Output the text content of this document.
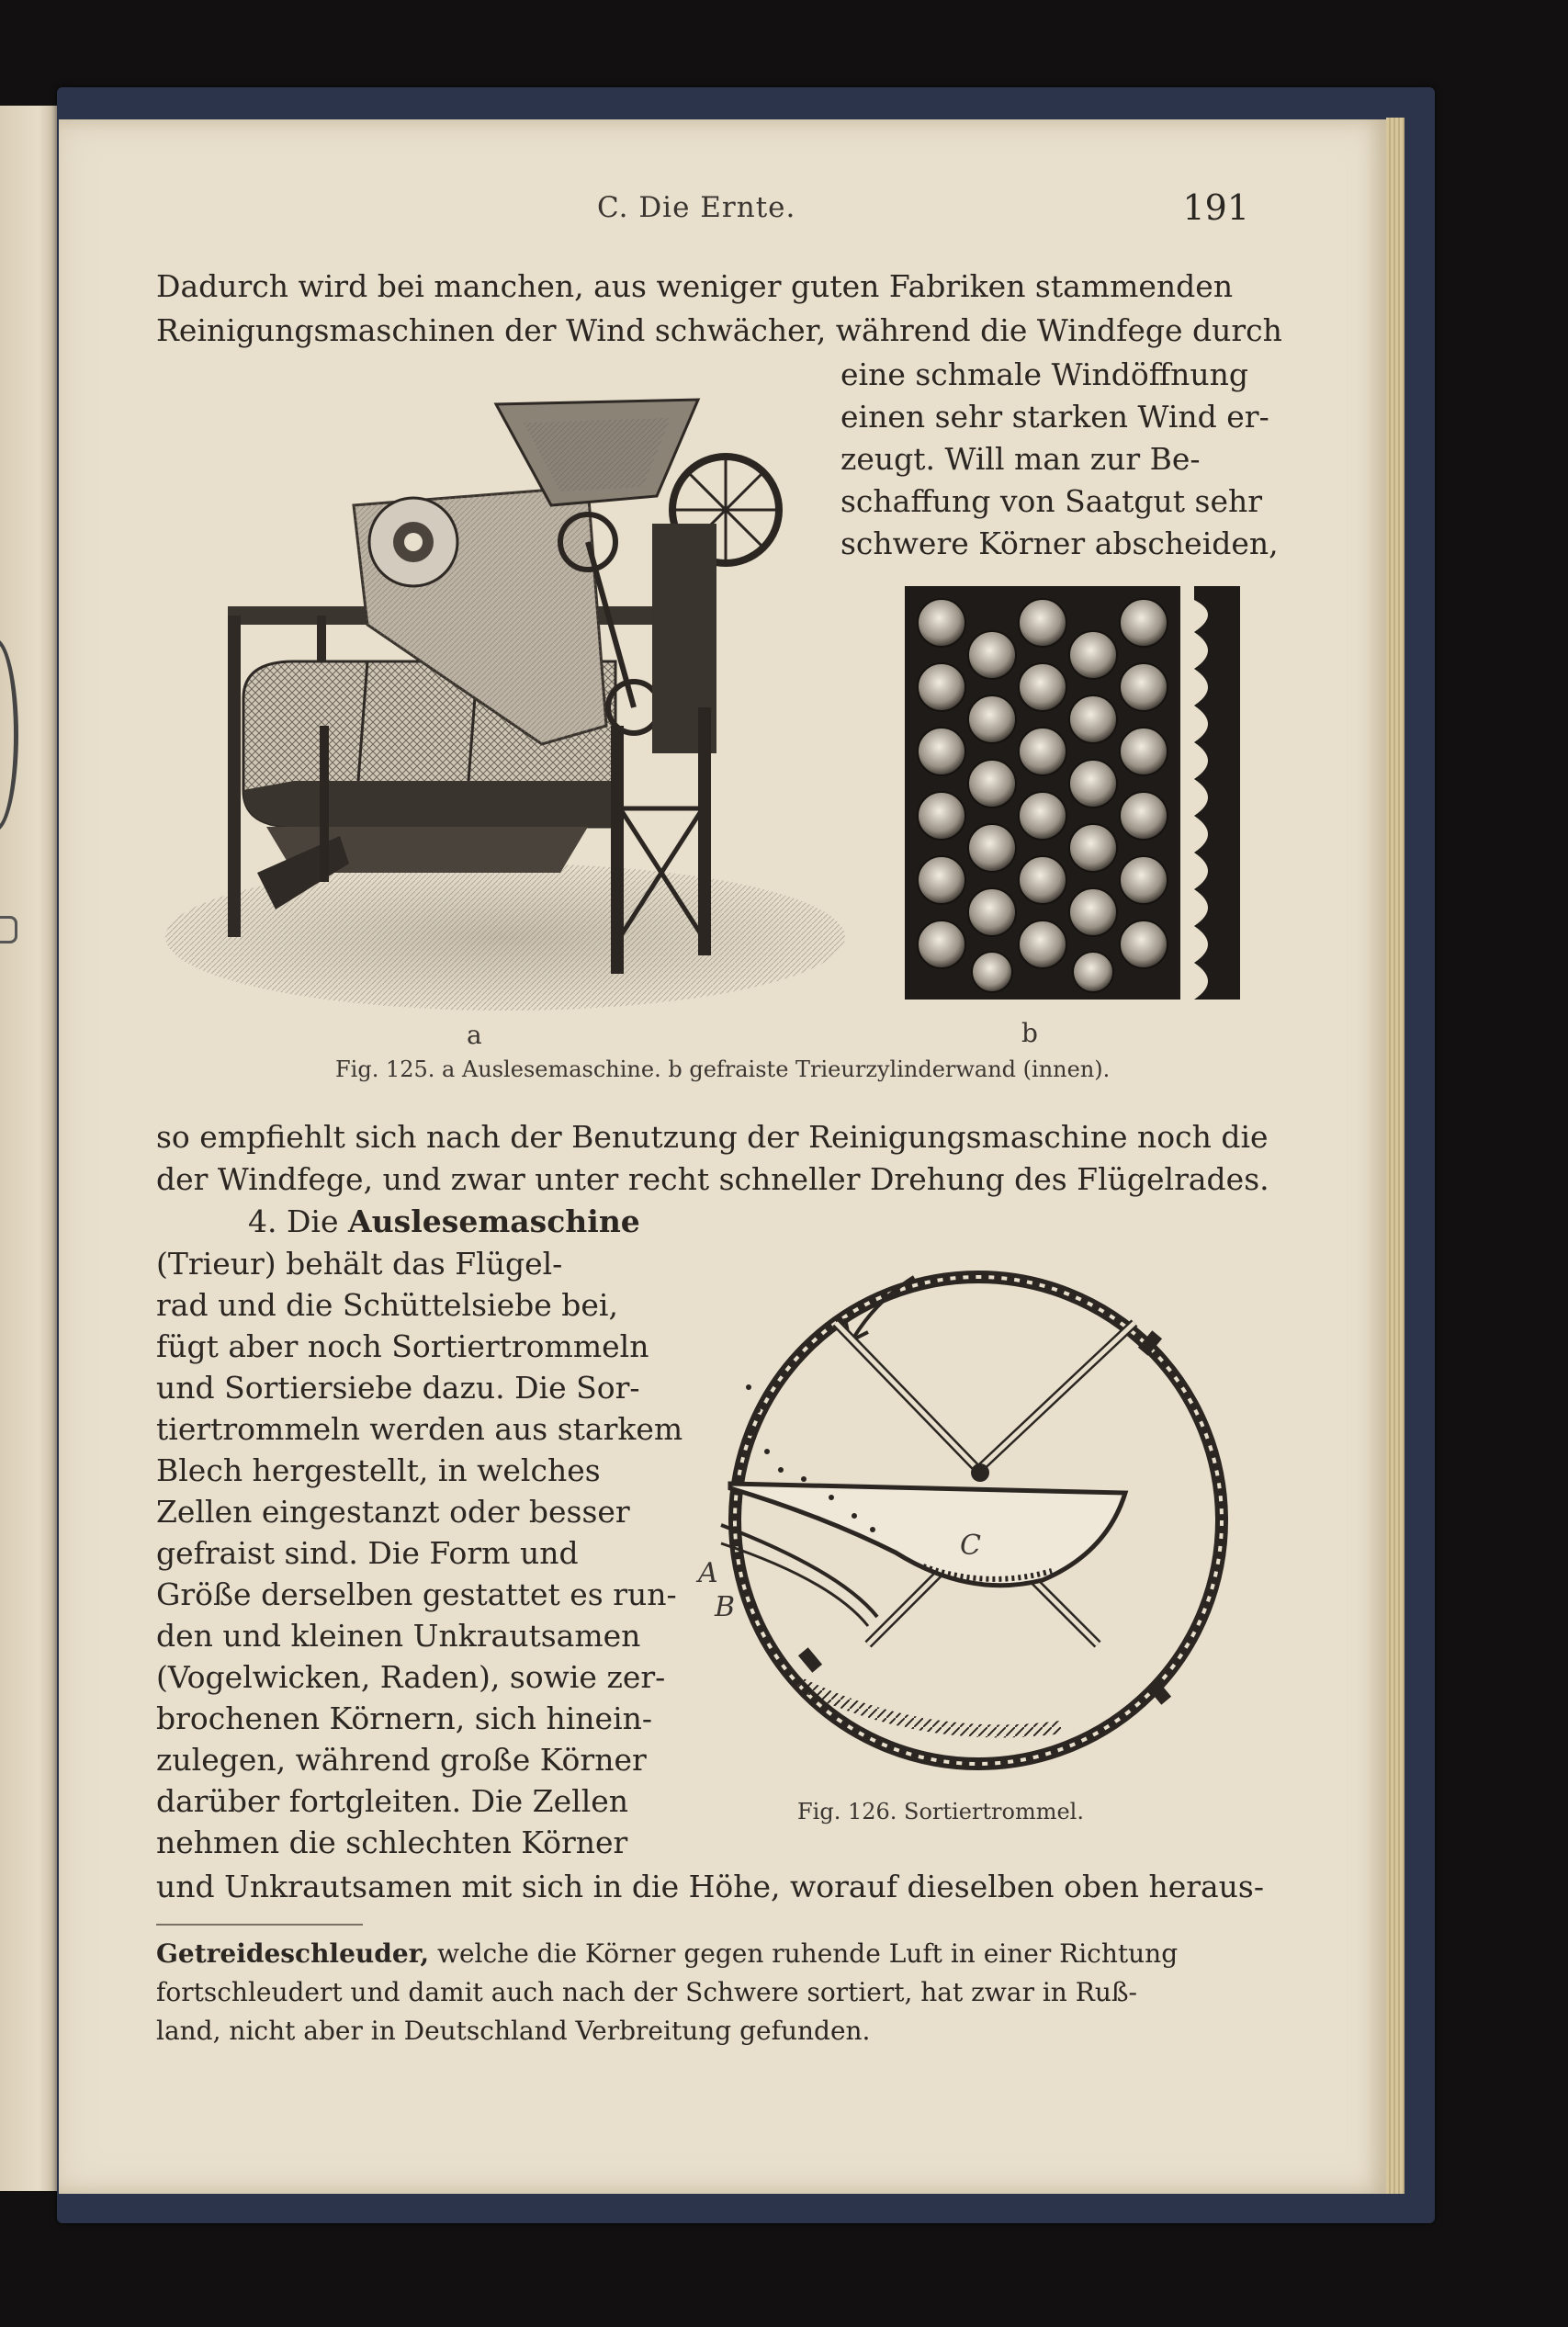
C. Die Ernte.	191
Dadurch wird bei manchen, aus weniger guten Fabriken stammenden
Reinigungsmaschinen der Wind schwächer, während die Windfege durch
eine schmale Windöffnung
einen sehr starken Wind er-
zeugt. Will man zur Be-
schaffung von Saatgut sehr
schwere Körner abscheiden,
a	b
Fig. 125. a Auslesemaschine. b gefraiste Trieurzylinderwand (innen).
so empfiehlt sich nach der Benutzung der Reinigungsmaschine noch die
der Windfege, und zwar unter recht schneller Drehung des Flügelrades.
4. Die Auslesemaschine
(Trieur) behält das Flügel-
rad und die Schüttelsiebe bei,
fügt aber noch Sortiertrommeln
und Sortiersiebe dazu. Die Sor-
tiertrommeln werden aus starkem
Blech hergestellt, in welches
Zellen eingestanzt oder besser
gefraist sind. Die Form und
Größe derselben gestattet es run-
den und kleinen Unkrautsamen
(Vogelwicken, Raden), sowie zer-
brochenen Körnern, sich hinein-
zulegen, während große Körner
darüber fortgleiten. Die Zellen
nehmen die schlechten Körner
A
B
C
Fig. 126. Sortiertrommel.
und Unkrautsamen mit sich in die Höhe, worauf dieselben oben heraus-
Getreideschleuder, welche die Körner gegen ruhende Luft in einer Richtung
fortschleudert und damit auch nach der Schwere sortiert, hat zwar in Ruß-
land, nicht aber in Deutschland Verbreitung gefunden.
